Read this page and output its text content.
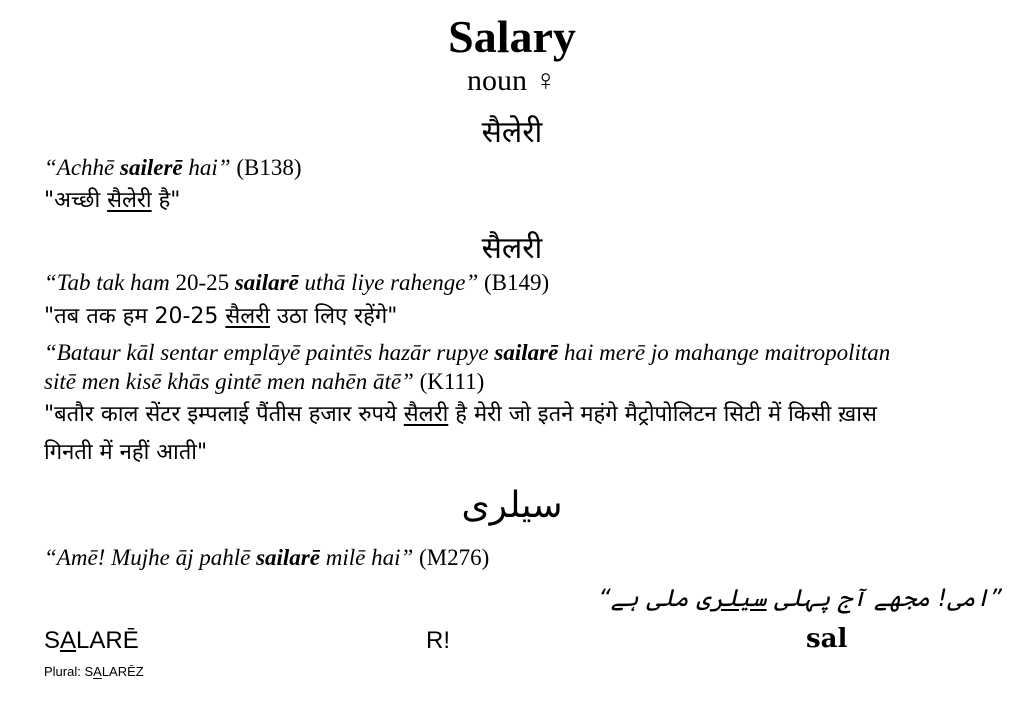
Salary
noun ♀
सैलेरी
“Achhē sailerē hai” (B138)
"अच्छी सैलेरी है"
सैलरी
“Tab tak ham 20-25 sailarē uthā liye rahenge” (B149)
"तब तक हम 20-25 सैलरी उठा लिए रहेंगे"
“Bataur kāl sentar emplāyē paintēs hazār rupye sailarē hai merē jo mahange maitropolitan
sitē men kisē khās gintē men nahēn ātē” (K111)
"बतौर काल सेंटर इम्पलाई पैंतीस हजार रुपये सैलरी है मेरी जो इतने महंगे मैट्रोपोलिटन सिटी में किसी ख़ास
गिनती में नहीं आती"
سیلری
“Amē! Mujhe āj pahlē sailarē milē hai” (M276)
”امی! مجھے آج پہلی سیلری ملی ہے“
SALARĒ
Plural: SALARĒZ
R!	sal
